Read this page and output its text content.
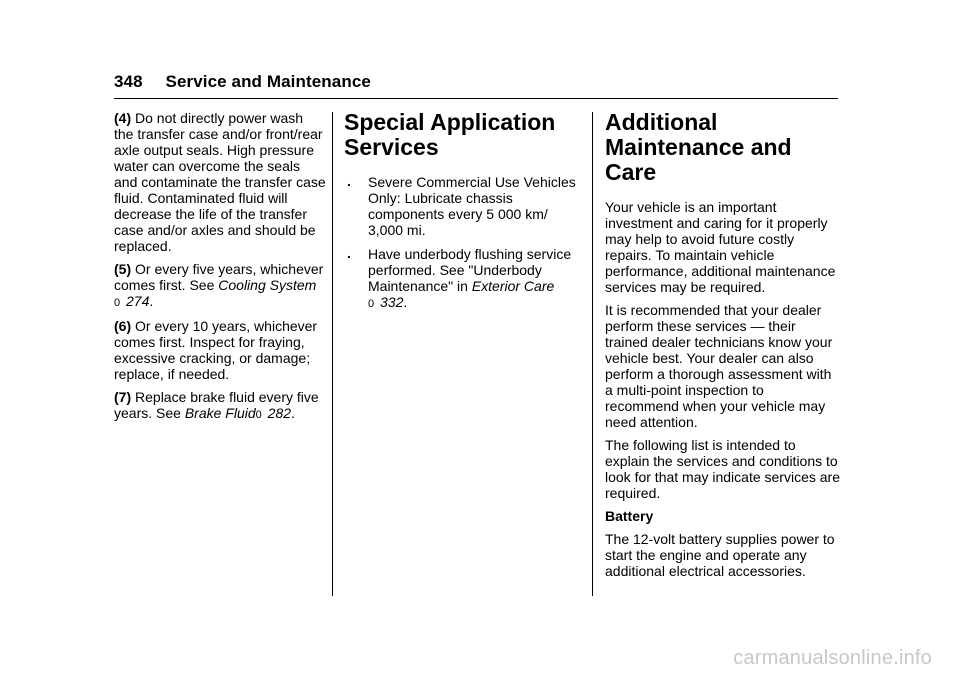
348 Service and Maintenance

(4) Do not directly power wash the transfer case and/or front/rear axle output seals. High pressure water can overcome the seals and contaminate the transfer case fluid. Contaminated fluid will decrease the life of the transfer case and/or axles and should be replaced.

(5) Or every five years, whichever comes first. See Cooling System
0 274.

(6) Or every 10 years, whichever comes first. Inspect for fraying, excessive cracking, or damage; replace, if needed.

(7) Replace brake fluid every five years. See Brake Fluid0 282.

Special Application Services
. Severe Commercial Use Vehicles Only: Lubricate chassis components every 5 000 km/ 3,000 mi.
. Have underbody flushing service performed. See "Underbody Maintenance" in Exterior Care
0 332.
Additional Maintenance and Care

Your vehicle is an important investment and caring for it properly may help to avoid future costly repairs. To maintain vehicle performance, additional maintenance services may be required.

It is recommended that your dealer perform these services — their trained dealer technicians know your vehicle best. Your dealer can also perform a thorough assessment with a multi-point inspection to recommend when your vehicle may need attention.

The following list is intended to explain the services and conditions to look for that may indicate services are required.

Battery

The 12-volt battery supplies power to start the engine and operate any additional electrical accessories.

carmanualsonline.info
